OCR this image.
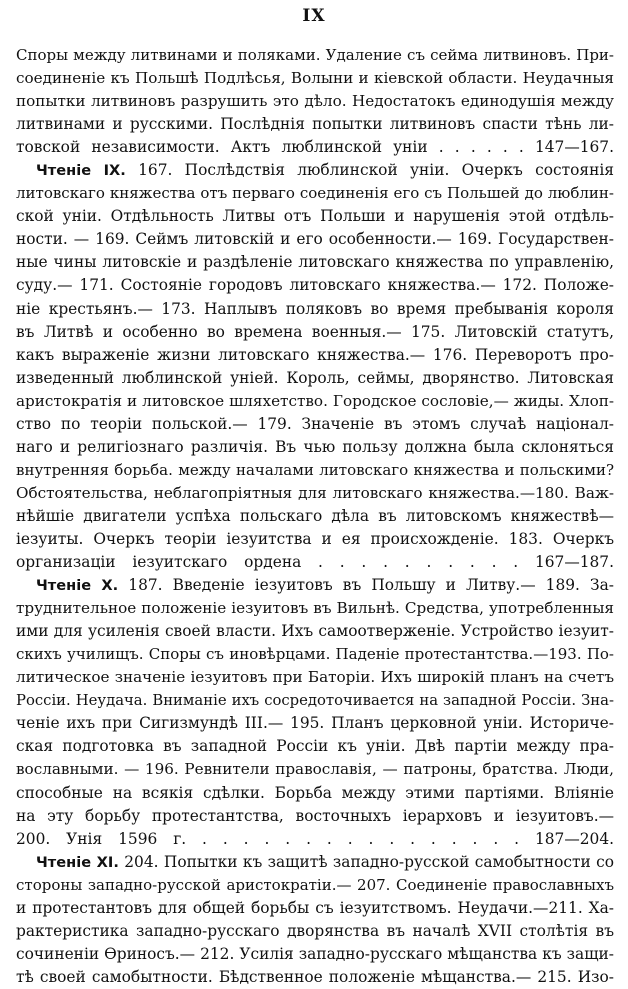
IX
Споры между литвинами и поляками. Удаление съ сейма литвиновъ. При-
соединеніе къ Польшѣ Подлѣсья, Волыни и кіевской области. Неудачныя
попытки литвиновъ разрушить это дѣло. Недостатокъ единодушія между
литвинами и русскими. Послѣднія попытки литвиновъ спасти тѣнь ли-
товской независимости. Актъ люблинской уніи . . . . . . 147—167.
Чтеніе IX. 167. Послѣдствія люблинской уніи. Очеркъ состоянія
литовскаго княжества отъ перваго соединенія его съ Польшей до люблин-
ской уніи. Отдѣльность Литвы отъ Польши и нарушенія этой отдѣль-
ности. — 169. Сеймъ литовскій и его особенности.— 169. Государствен-
ные чины литовскіе и раздѣленіе литовскаго княжества по управленію,
суду.— 171. Состояніе городовъ литовскаго княжества.— 172. Положе-
ніе крестьянъ.— 173. Наплывъ поляковъ во время пребыванія короля
въ Литвѣ и особенно во времена военныя.— 175. Литовскій статутъ,
какъ выраженіе жизни литовскаго княжества.— 176. Переворотъ про-
изведенный люблинской уніей. Король, сеймы, дворянство. Литовская
аристократія и литовское шляхетство. Городское сословіе,— жиды. Хлоп-
ство по теоріи польской.— 179. Значеніе въ этомъ случаѣ націонал-
наго и религіознаго различія. Въ чью пользу должна была склоняться
внутренняя борьба. между началами литовскаго княжества и польскими?
Обстоятельства, неблагопріятныя для литовскаго княжества.—180. Важ-
нѣйшіе двигатели успѣха польскаго дѣла въ литовскомъ княжествѣ—
іезуиты. Очеркъ теоріи іезуитства и ея происхожденіе. 183. Очеркъ
организаціи іезуитскаго ордена . . . . . . . . . . 167—187.
Чтеніе X. 187. Введеніе іезуитовъ въ Польшу и Литву.— 189. За-
труднительное положеніе іезуитовъ въ Вильнѣ. Средства, употребленныя
ими для усиленія своей власти. Ихъ самоотверженіе. Устройство іезуит-
скихъ училищъ. Споры съ иновѣрцами. Паденіе протестантства.—193. По-
литическое значеніе іезуитовъ при Баторіи. Ихъ широкій планъ на счетъ
Россіи. Неудача. Вниманіе ихъ сосредоточивается на западной Россіи. Зна-
ченіе ихъ при Сигизмундѣ III.— 195. Планъ церковной уніи. Историче-
ская подготовка въ западной Россіи къ уніи. Двѣ партіи между пра-
вославными. — 196. Ревнители православія, — патроны, братства. Люди,
способные на всякія сдѣлки. Борьба между этими партіями. Вліяніе
на эту борьбу протестантства, восточныхъ іерарховъ и іезуитовъ.—
200. Унія 1596 г. . . . . . . . . . . . . . . . . 187—204.
Чтеніе XI. 204. Попытки къ защитѣ западно-русской самобытности со
стороны западно-русской аристократіи.— 207. Соединеніе православныхъ
и протестантовъ для общей борьбы съ іезуитствомъ. Неудачи.—211. Ха-
рактеристика западно-русскаго дворянства въ началѣ XVII столѣтія въ
сочиненіи Ѳриносъ.— 212. Усилія западно-русскаго мѣщанства къ защи-
тѣ своей самобытности. Бѣдственное положеніе мѣщанства.— 215. Изо-
